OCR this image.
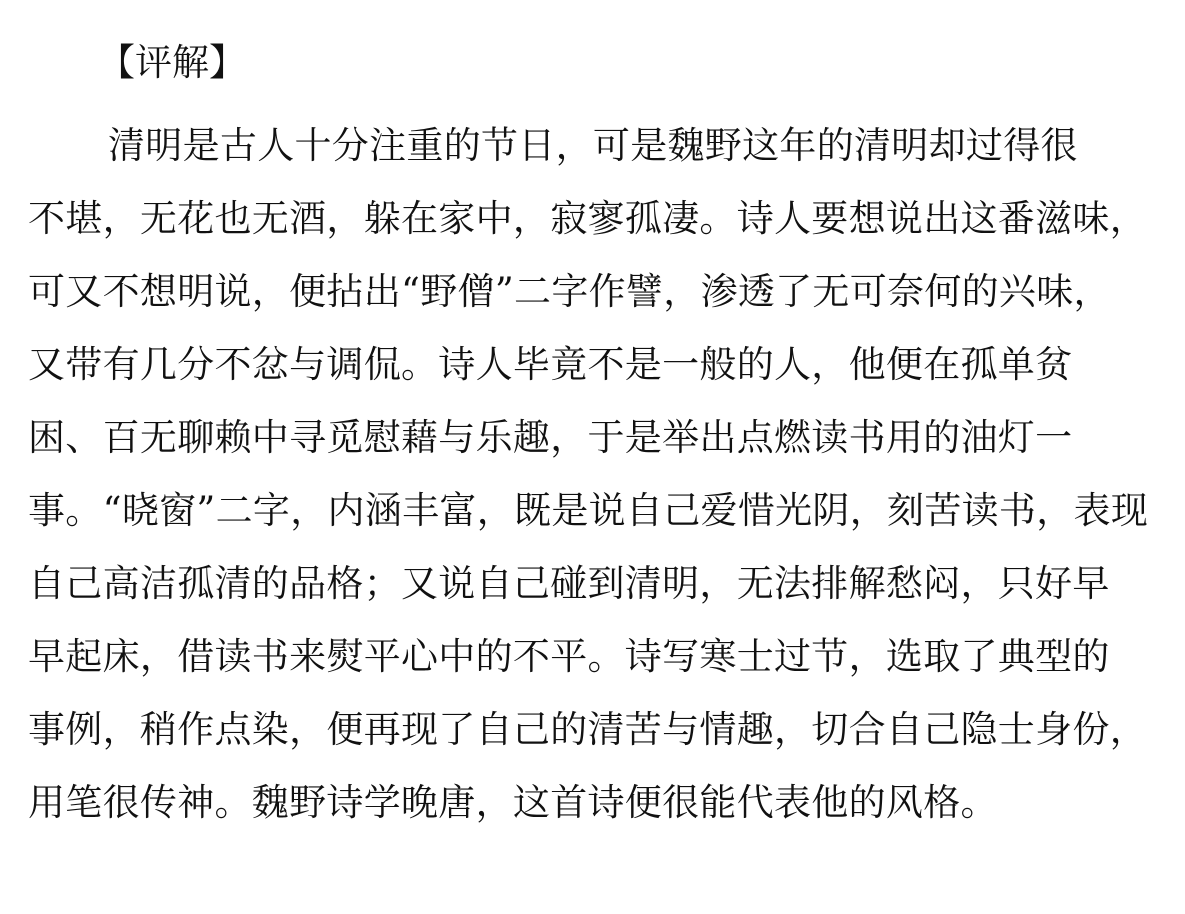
【评解】
清明是古人十分注重的节日，可是魏野这年的清明却过得很
不堪，无花也无酒，躲在家中，寂寥孤凄。诗人要想说出这番滋味，
可又不想明说，便拈出“野僧”二字作譬，渗透了无可奈何的兴味，
又带有几分不忿与调侃。诗人毕竟不是一般的人，他便在孤单贫
困、百无聊赖中寻觅慰藉与乐趣，于是举出点燃读书用的油灯一
事。“晓窗”二字，内涵丰富，既是说自己爱惜光阴，刻苦读书，表现
自己高洁孤清的品格；又说自己碰到清明，无法排解愁闷，只好早
早起床，借读书来熨平心中的不平。诗写寒士过节，选取了典型的
事例，稍作点染，便再现了自己的清苦与情趣，切合自己隐士身份，
用笔很传神。魏野诗学晚唐，这首诗便很能代表他的风格。
